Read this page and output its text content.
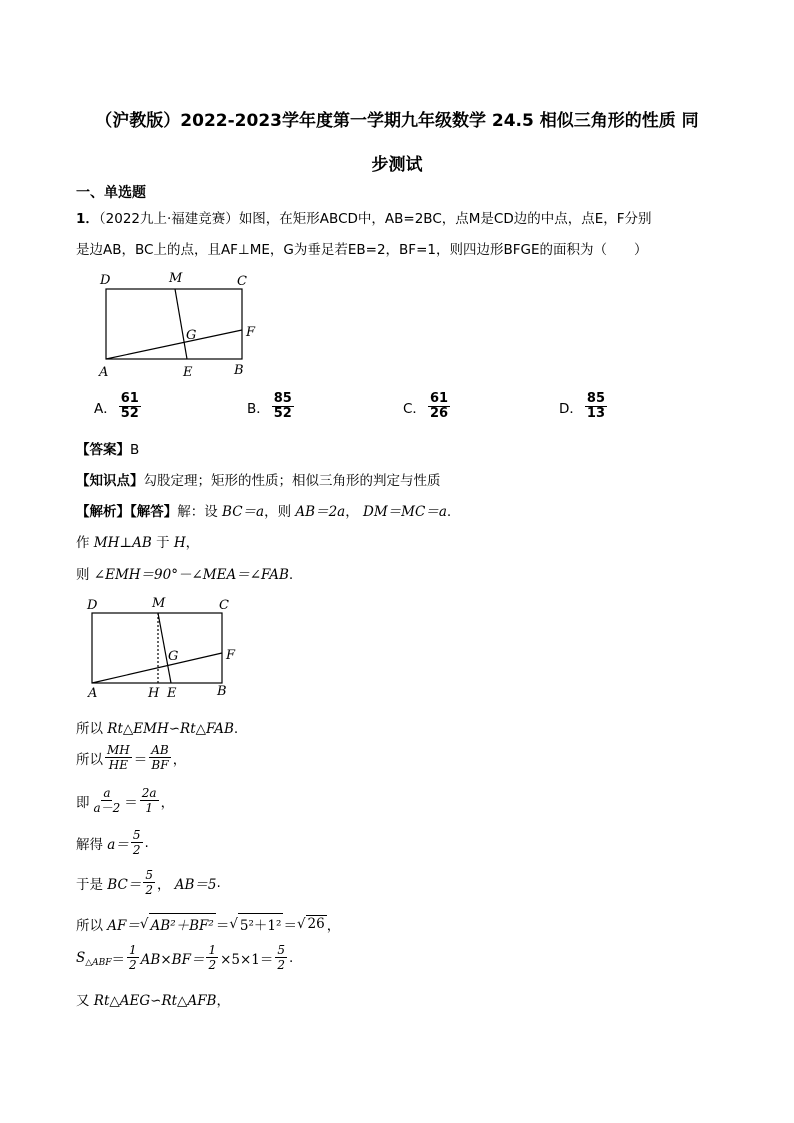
（沪教版）2022-2023学年度第一学期九年级数学 24.5 相似三角形的性质 同
步测试
一、单选题
1．（2022九上·福建竞赛）如图，在矩形ABCD中，AB=2BC，点M是CD边的中点，点E，F分别
是边AB，BC上的点，且AF⊥ME，G为垂足若EB=2，BF=1，则四边形BFGE的面积为（　　）
D	M	C
G	F
A	E	B
A． $\frac{61}{52}$	B． $\frac{85}{52}$	C． $\frac{61}{26}$	D． $\frac{85}{13}$
【答案】B
【知识点】勾股定理；矩形的性质；相似三角形的判定与性质
【解析】【解答】解：设 BC＝a，则 AB＝2a， DM＝MC＝a.
作 MH⊥AB 于 H，
则 ∠EMH＝90°－∠MEA＝∠FAB.
D	M	C
G	F
A	H E	B
所以 Rt△EMH∽Rt△FAB.
所以 $\frac{MH}{HE} = \frac{AB}{BF}$ ，
即 $\frac{a}{a-2} = \frac{2a}{1}$ ，
解得
$a= \frac{5}{2}$ .
于是
$BC= \frac{5}{2}$ ，
AB＝5 .
所以
AF＝ √ AB²＋BF² ＝ √ 5²＋1² ＝ √ 26 ，
S △ABF ＝ $\frac{1}{2} AB\times BF= \frac{1}{2} \times 5\times 1= \frac{5}{2}$ .
又 Rt△AEG∽Rt△AFB，
